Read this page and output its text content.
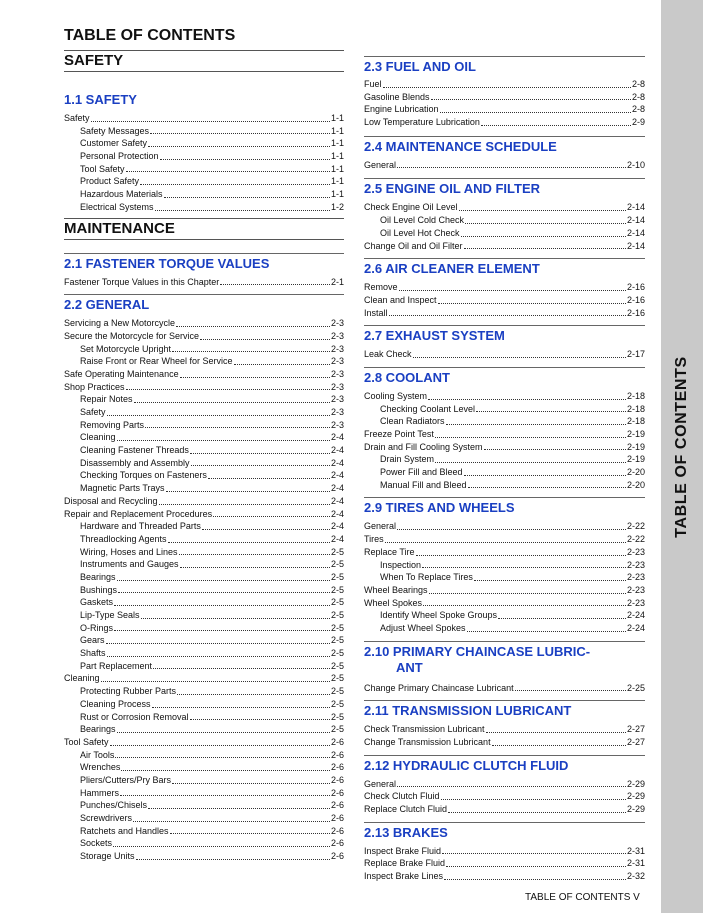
TABLE OF CONTENTS
TABLE OF CONTENTS
TABLE OF CONTENTS V
SAFETY
1.1 SAFETY
Safety	1-1
Safety Messages	1-1
Customer Safety	1-1
Personal Protection	1-1
Tool Safety	1-1
Product Safety	1-1
Hazardous Materials	1-1
Electrical Systems	1-2
MAINTENANCE
2.1 FASTENER TORQUE VALUES
Fastener Torque Values in this Chapter	2-1
2.2 GENERAL
Servicing a New Motorcycle	2-3
Secure the Motorcycle for Service	2-3
Set Motorcycle Upright	2-3
Raise Front or Rear Wheel for Service	2-3
Safe Operating Maintenance	2-3
Shop Practices	2-3
Repair Notes	2-3
Safety	2-3
Removing Parts	2-3
Cleaning	2-4
Cleaning Fastener Threads	2-4
Disassembly and Assembly	2-4
Checking Torques on Fasteners	2-4
Magnetic Parts Trays	2-4
Disposal and Recycling	2-4
Repair and Replacement Procedures	2-4
Hardware and Threaded Parts	2-4
Threadlocking Agents	2-4
Wiring, Hoses and Lines	2-5
Instruments and Gauges	2-5
Bearings	2-5
Bushings	2-5
Gaskets	2-5
Lip-Type Seals	2-5
O-Rings	2-5
Gears	2-5
Shafts	2-5
Part Replacement	2-5
Cleaning	2-5
Protecting Rubber Parts	2-5
Cleaning Process	2-5
Rust or Corrosion Removal	2-5
Bearings	2-5
Tool Safety	2-6
Air Tools	2-6
Wrenches	2-6
Pliers/Cutters/Pry Bars	2-6
Hammers	2-6
Punches/Chisels	2-6
Screwdrivers	2-6
Ratchets and Handles	2-6
Sockets	2-6
Storage Units	2-6
2.3 FUEL AND OIL
Fuel	2-8
Gasoline Blends	2-8
Engine Lubrication	2-8
Low Temperature Lubrication	2-9
2.4 MAINTENANCE SCHEDULE
General	2-10
2.5 ENGINE OIL AND FILTER
Check Engine Oil Level	2-14
Oil Level Cold Check	2-14
Oil Level Hot Check	2-14
Change Oil and Oil Filter	2-14
2.6 AIR CLEANER ELEMENT
Remove	2-16
Clean and Inspect	2-16
Install	2-16
2.7 EXHAUST SYSTEM
Leak Check	2-17
2.8 COOLANT
Cooling System	2-18
Checking Coolant Level	2-18
Clean Radiators	2-18
Freeze Point Test	2-19
Drain and Fill Cooling System	2-19
Drain System	2-19
Power Fill and Bleed	2-20
Manual Fill and Bleed	2-20
2.9 TIRES AND WHEELS
General	2-22
Tires	2-22
Replace Tire	2-23
Inspection	2-23
When To Replace Tires	2-23
Wheel Bearings	2-23
Wheel Spokes	2-23
Identify Wheel Spoke Groups	2-24
Adjust Wheel Spokes	2-24
2.10 PRIMARY CHAINCASE LUBRIC-
ANT
Change Primary Chaincase Lubricant	2-25
2.11 TRANSMISSION LUBRICANT
Check Transmission Lubricant	2-27
Change Transmission Lubricant	2-27
2.12 HYDRAULIC CLUTCH FLUID
General	2-29
Check Clutch Fluid	2-29
Replace Clutch Fluid	2-29
2.13 BRAKES
Inspect Brake Fluid	2-31
Replace Brake Fluid	2-31
Inspect Brake Lines	2-32
